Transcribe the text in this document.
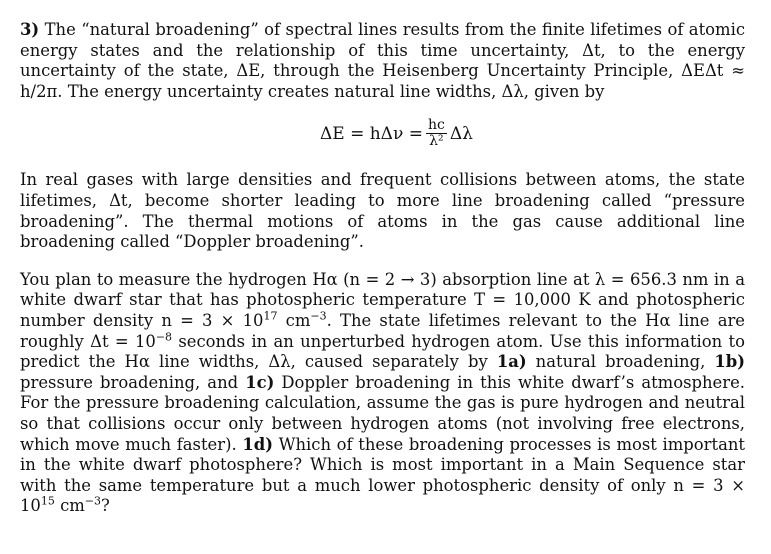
3) The “natural broadening” of spectral lines results from the finite lifetimes of atomic energy states and the relationship of this time uncertainty, Δt, to the energy uncertainty of the state, ΔE, through the Heisenberg Uncertainty Principle, ΔEΔt ≈ h/2π. The energy uncertainty creates natural line widths, Δλ, given by

$\Delta E = h\Delta\nu = \frac{hc}{\text{λ²}}$ Δλ

In real gases with large densities and frequent collisions between atoms, the state lifetimes, Δt, become shorter leading to more line broadening called “pressure broadening”. The thermal motions of atoms in the gas cause additional line broadening called “Doppler broadening”.

You plan to measure the hydrogen Hα (n = 2 → 3) absorption line at λ = 656.3 nm in a white dwarf star that has photospheric temperature T = 10,000 K and photospheric number density $n = 3 \times 10^{17}$ $cm^{-3}$. The state lifetimes relevant to the Hα line are roughly $\Delta t = 10^{-8}$ seconds in an unperturbed hydrogen atom. Use this information to predict the Hα line widths, Δλ, caused separately by 1a) natural broadening, 1b) pressure broadening, and 1c) Doppler broadening in this white dwarf’s atmosphere. For the pressure broadening calculation, assume the gas is pure hydrogen and neutral so that collisions occur only between hydrogen atoms (not involving free electrons, which move much faster). 1d) Which of these broadening processes is most important in the white dwarf photosphere? Which is most important in a Main Sequence star with the same temperature but a much lower photospheric density of only $n = 3 \times 10^{15}$ $cm^{-3}$?
